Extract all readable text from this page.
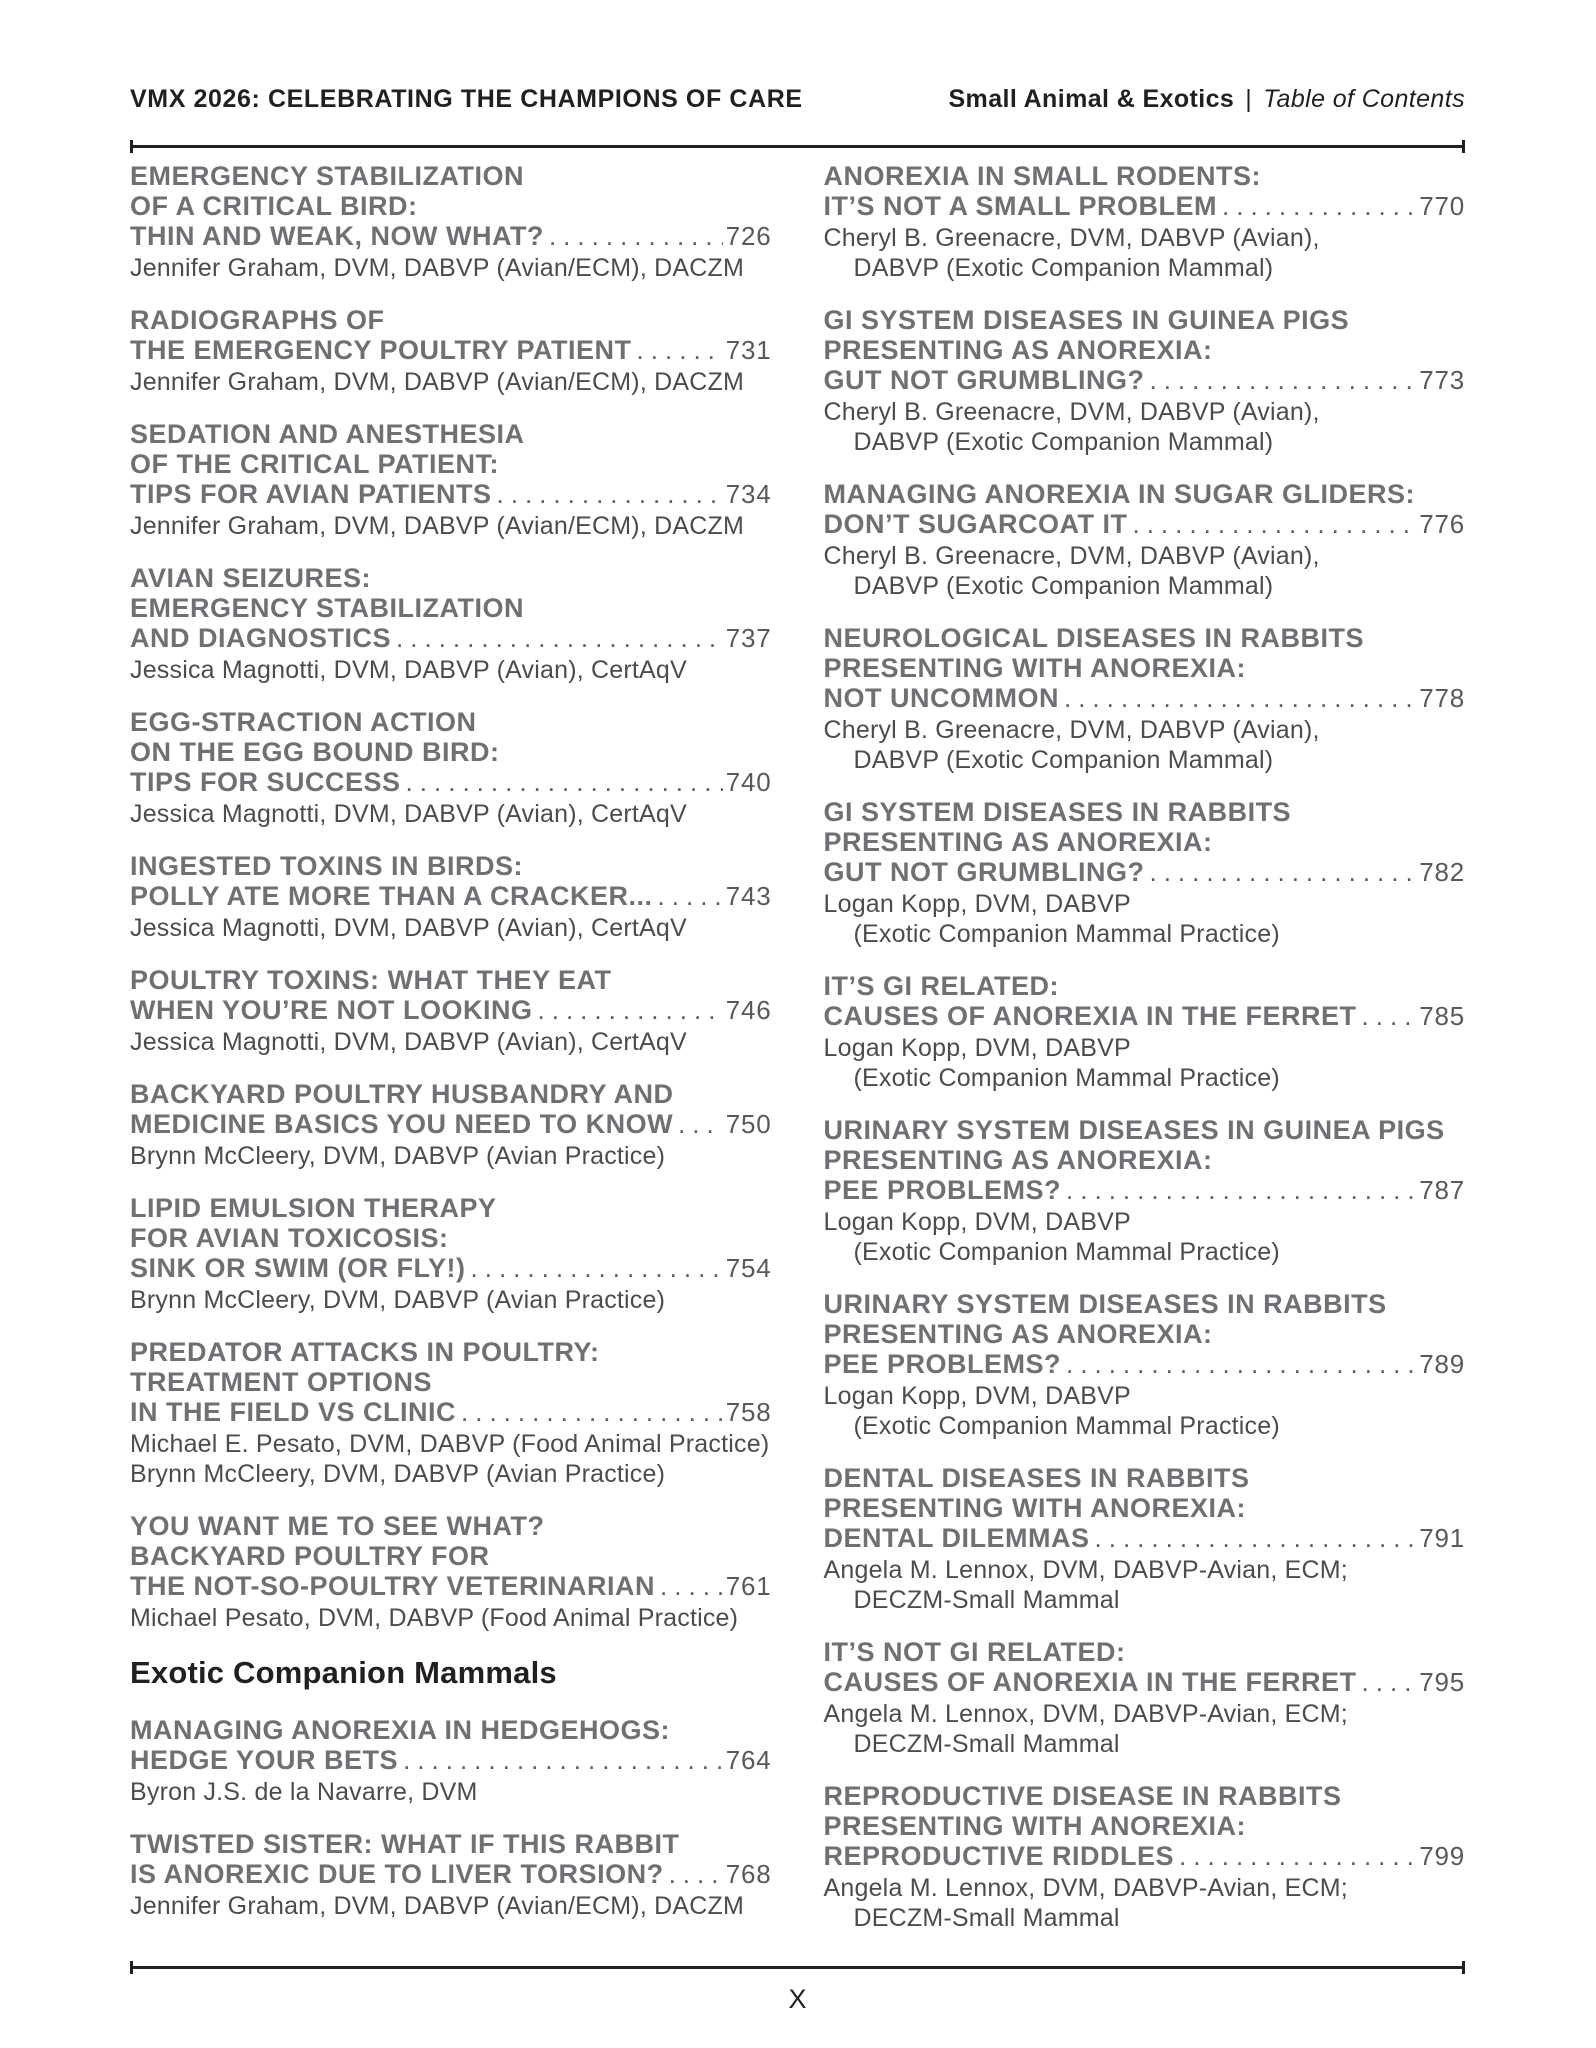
VMX 2026: CELEBRATING THE CHAMPIONS OF CARE	Small Animal & Exotics | Table of Contents
EMERGENCY STABILIZATION
OF A CRITICAL BIRD:
THIN AND WEAK, NOW WHAT? .....	726
Jennifer Graham, DVM, DABVP (Avian/ECM), DACZM
RADIOGRAPHS OF
THE EMERGENCY POULTRY PATIENT .....	731
Jennifer Graham, DVM, DABVP (Avian/ECM), DACZM
SEDATION AND ANESTHESIA
OF THE CRITICAL PATIENT:
TIPS FOR AVIAN PATIENTS .....	734
Jennifer Graham, DVM, DABVP (Avian/ECM), DACZM
AVIAN SEIZURES:
EMERGENCY STABILIZATION
AND DIAGNOSTICS .....	737
Jessica Magnotti, DVM, DABVP (Avian), CertAqV
EGG-STRACTION ACTION
ON THE EGG BOUND BIRD:
TIPS FOR SUCCESS .....	740
Jessica Magnotti, DVM, DABVP (Avian), CertAqV
INGESTED TOXINS IN BIRDS:
POLLY ATE MORE THAN A CRACKER... .....	743
Jessica Magnotti, DVM, DABVP (Avian), CertAqV
POULTRY TOXINS: WHAT THEY EAT
WHEN YOU’RE NOT LOOKING .....	746
Jessica Magnotti, DVM, DABVP (Avian), CertAqV
BACKYARD POULTRY HUSBANDRY AND
MEDICINE BASICS YOU NEED TO KNOW ..... 750
Brynn McCleery, DVM, DABVP (Avian Practice)
LIPID EMULSION THERAPY
FOR AVIAN TOXICOSIS:
SINK OR SWIM (OR FLY!) .....	754
Brynn McCleery, DVM, DABVP (Avian Practice)
PREDATOR ATTACKS IN POULTRY:
TREATMENT OPTIONS
IN THE FIELD VS CLINIC .....	758
Michael E. Pesato, DVM, DABVP (Food Animal Practice)
Brynn McCleery, DVM, DABVP (Avian Practice)
YOU WANT ME TO SEE WHAT?
BACKYARD POULTRY FOR
THE NOT-SO-POULTRY VETERINARIAN .....	761
Michael Pesato, DVM, DABVP (Food Animal Practice)
Exotic Companion Mammals
MANAGING ANOREXIA IN HEDGEHOGS:
HEDGE YOUR BETS .....	764
Byron J.S. de la Navarre, DVM
TWISTED SISTER: WHAT IF THIS RABBIT
IS ANOREXIC DUE TO LIVER TORSION? ..... 768
Jennifer Graham, DVM, DABVP (Avian/ECM), DACZM
ANOREXIA IN SMALL RODENTS:
IT’S NOT A SMALL PROBLEM .....	770
Cheryl B. Greenacre, DVM, DABVP (Avian),
DABVP (Exotic Companion Mammal)
GI SYSTEM DISEASES IN GUINEA PIGS
PRESENTING AS ANOREXIA:
GUT NOT GRUMBLING? .....	773
Cheryl B. Greenacre, DVM, DABVP (Avian),
DABVP (Exotic Companion Mammal)
MANAGING ANOREXIA IN SUGAR GLIDERS:
DON’T SUGARCOAT IT .....	776
Cheryl B. Greenacre, DVM, DABVP (Avian),
DABVP (Exotic Companion Mammal)
NEUROLOGICAL DISEASES IN RABBITS
PRESENTING WITH ANOREXIA:
NOT UNCOMMON .....	778
Cheryl B. Greenacre, DVM, DABVP (Avian),
DABVP (Exotic Companion Mammal)
GI SYSTEM DISEASES IN RABBITS
PRESENTING AS ANOREXIA:
GUT NOT GRUMBLING? .....	782
Logan Kopp, DVM, DABVP
(Exotic Companion Mammal Practice)
IT’S GI RELATED:
CAUSES OF ANOREXIA IN THE FERRET ..... 785
Logan Kopp, DVM, DABVP
(Exotic Companion Mammal Practice)
URINARY SYSTEM DISEASES IN GUINEA PIGS
PRESENTING AS ANOREXIA:
PEE PROBLEMS? .....	787
Logan Kopp, DVM, DABVP
(Exotic Companion Mammal Practice)
URINARY SYSTEM DISEASES IN RABBITS
PRESENTING AS ANOREXIA:
PEE PROBLEMS? .....	789
Logan Kopp, DVM, DABVP
(Exotic Companion Mammal Practice)
DENTAL DISEASES IN RABBITS
PRESENTING WITH ANOREXIA:
DENTAL DILEMMAS .....	791
Angela M. Lennox, DVM, DABVP-Avian, ECM;
DECZM-Small Mammal
IT’S NOT GI RELATED:
CAUSES OF ANOREXIA IN THE FERRET ..... 795
Angela M. Lennox, DVM, DABVP-Avian, ECM;
DECZM-Small Mammal
REPRODUCTIVE DISEASE IN RABBITS
PRESENTING WITH ANOREXIA:
REPRODUCTIVE RIDDLES .....	799
Angela M. Lennox, DVM, DABVP-Avian, ECM;
DECZM-Small Mammal
X
